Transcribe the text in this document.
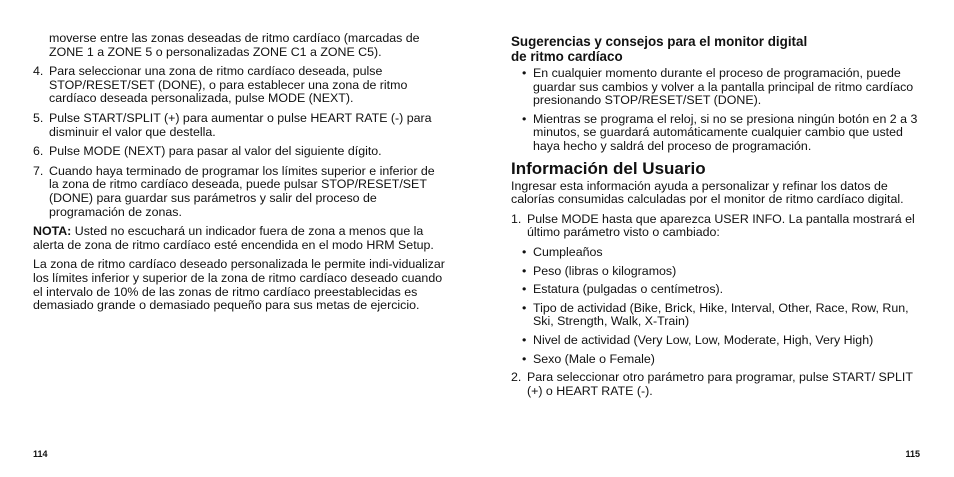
moverse entre las zonas deseadas de ritmo cardíaco (marcadas de ZONE 1 a ZONE 5 o personalizadas ZONE C1 a ZONE C5).

4. Para seleccionar una zona de ritmo cardíaco deseada, pulse STOP/RESET/SET (DONE), o para establecer una zona de ritmo cardíaco deseada personalizada, pulse MODE (NEXT).
5. Pulse START/SPLIT (+) para aumentar o pulse HEART RATE (-) para disminuir el valor que destella.
6. Pulse MODE (NEXT) para pasar al valor del siguiente dígito.
7. Cuando haya terminado de programar los límites superior e inferior de la zona de ritmo cardíaco deseada, puede pulsar STOP/RESET/SET (DONE) para guardar sus parámetros y salir del proceso de programación de zonas.

NOTA: Usted no escuchará un indicador fuera de zona a menos que la alerta de zona de ritmo cardíaco esté encendida en el modo HRM Setup.

La zona de ritmo cardíaco deseado personalizada le permite indi-vidualizar los límites inferior y superior de la zona de ritmo cardíaco deseado cuando el intervalo de 10% de las zonas de ritmo cardíaco preestablecidas es demasiado grande o demasiado pequeño para sus metas de ejercicio.

114
Sugerencias y consejos para el monitor digital
de ritmo cardíaco
• En cualquier momento durante el proceso de programación, puede guardar sus cambios y volver a la pantalla principal de ritmo cardíaco presionando STOP/RESET/SET (DONE).
• Mientras se programa el reloj, si no se presiona ningún botón en 2 a 3 minutos, se guardará automáticamente cualquier cambio que usted haya hecho y saldrá del proceso de programación.
Información del Usuario

Ingresar esta información ayuda a personalizar y refinar los datos de calorías consumidas calculadas por el monitor de ritmo cardíaco digital.

1. Pulse MODE hasta que aparezca USER INFO. La pantalla mostrará el último parámetro visto o cambiado:
• Cumpleaños
• Peso (libras o kilogramos)
• Estatura (pulgadas o centímetros).
• Tipo de actividad (Bike, Brick, Hike, Interval, Other, Race, Row, Run, Ski, Strength, Walk, X-Train)
• Nivel de actividad (Very Low, Low, Moderate, High, Very High)
• Sexo (Male o Female)
2. Para seleccionar otro parámetro para programar, pulse START/ SPLIT (+) o HEART RATE (-).
115
